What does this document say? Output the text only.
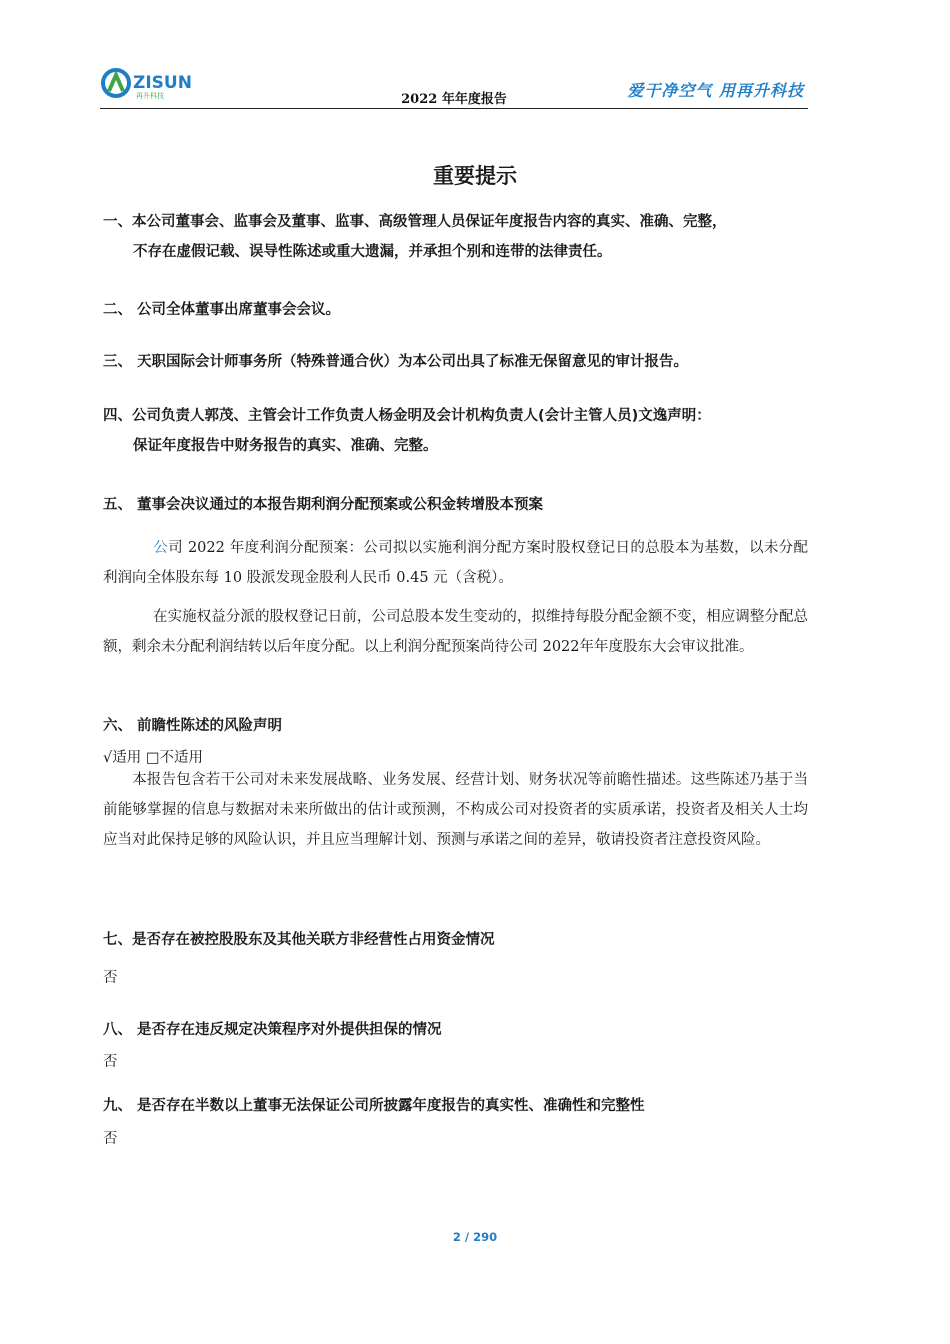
ZISUN
再升科技	2022 年年度报告	爱干净空气 用再升科技
重要提示
一、本公司董事会、监事会及董事、监事、高级管理人员保证年度报告内容的真实、准确、完整，
不存在虚假记载、误导性陈述或重大遗漏，并承担个别和连带的法律责任。
二、 公司全体董事出席董事会会议。
三、 天职国际会计师事务所（特殊普通合伙）为本公司出具了标准无保留意见的审计报告。
四、公司负责人郭茂、主管会计工作负责人杨金明及会计机构负责人(会计主管人员)文逸声明：
保证年度报告中财务报告的真实、准确、完整。
五、 董事会决议通过的本报告期利润分配预案或公积金转增股本预案
公司 2022 年度利润分配预案：公司拟以实施利润分配方案时股权登记日的总股本为基数，以未分配利润向全体股东每 10 股派发现金股利人民币 0.45 元（含税）。
在实施权益分派的股权登记日前，公司总股本发生变动的，拟维持每股分配金额不变，相应调整分配总额，剩余未分配利润结转以后年度分配。以上利润分配预案尚待公司 2022年年度股东大会审议批准。
六、 前瞻性陈述的风险声明
√适用 □不适用
本报告包含若干公司对未来发展战略、业务发展、经营计划、财务状况等前瞻性描述。这些陈述乃基于当前能够掌握的信息与数据对未来所做出的估计或预测，不构成公司对投资者的实质承诺，投资者及相关人士均应当对此保持足够的风险认识，并且应当理解计划、预测与承诺之间的差异，敬请投资者注意投资风险。
七、是否存在被控股股东及其他关联方非经营性占用资金情况
否
八、 是否存在违反规定决策程序对外提供担保的情况
否
九、 是否存在半数以上董事无法保证公司所披露年度报告的真实性、准确性和完整性
否
2 / 290
